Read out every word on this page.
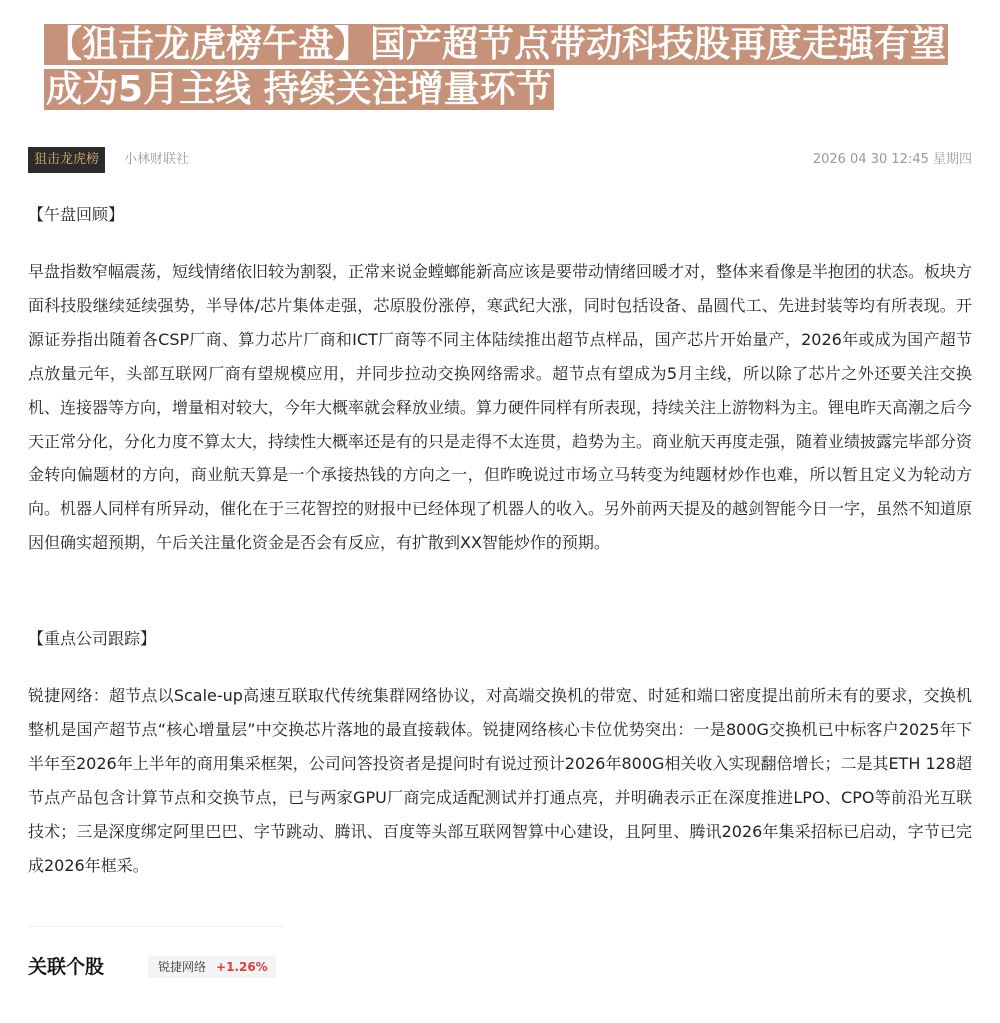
【狙击龙虎榜午盘】国产超节点带动科技股再度走强有望
成为5月主线 持续关注增量环节
狙击龙虎榜	小林财联社	2026 04 30 12:45 星期四
【午盘回顾】

早盘指数窄幅震荡，短线情绪依旧较为割裂，正常来说金螳螂能新高应该是要带动情绪回暖才对，整体来看像是半抱团的状态。板块方面科技股继续延续强势，半导体/芯片集体走强，芯原股份涨停，寒武纪大涨，同时包括设备、晶圆代工、先进封装等均有所表现。开源证券指出随着各CSP厂商、算力芯片厂商和ICT厂商等不同主体陆续推出超节点样品，国产芯片开始量产，2026年或成为国产超节点放量元年，头部互联网厂商有望规模应用，并同步拉动交换网络需求。超节点有望成为5月主线，所以除了芯片之外还要关注交换机、连接器等方向，增量相对较大，今年大概率就会释放业绩。算力硬件同样有所表现，持续关注上游物料为主。锂电昨天高潮之后今天正常分化，分化力度不算太大，持续性大概率还是有的只是走得不太连贯，趋势为主。商业航天再度走强，随着业绩披露完毕部分资金转向偏题材的方向，商业航天算是一个承接热钱的方向之一，但昨晚说过市场立马转变为纯题材炒作也难，所以暂且定义为轮动方向。机器人同样有所异动，催化在于三花智控的财报中已经体现了机器人的收入。另外前两天提及的越剑智能今日一字，虽然不知道原因但确实超预期，午后关注量化资金是否会有反应，有扩散到XX智能炒作的预期。

【重点公司跟踪】

锐捷网络：超节点以Scale-up高速互联取代传统集群网络协议，对高端交换机的带宽、时延和端口密度提出前所未有的要求，交换机整机是国产超节点“核心增量层”中交换芯片落地的最直接载体。锐捷网络核心卡位优势突出：一是800G交换机已中标客户2025年下半年至2026年上半年的商用集采框架，公司问答投资者是提问时有说过预计2026年800G相关收入实现翻倍增长；二是其ETH 128超节点产品包含计算节点和交换节点，已与两家GPU厂商完成适配测试并打通点亮，并明确表示正在深度推进LPO、CPO等前沿光互联技术；三是深度绑定阿里巴巴、字节跳动、腾讯、百度等头部互联网智算中心建设，且阿里、腾讯2026年集采招标已启动，字节已完成2026年框采。

关联个股	锐捷网络 +1.26%
